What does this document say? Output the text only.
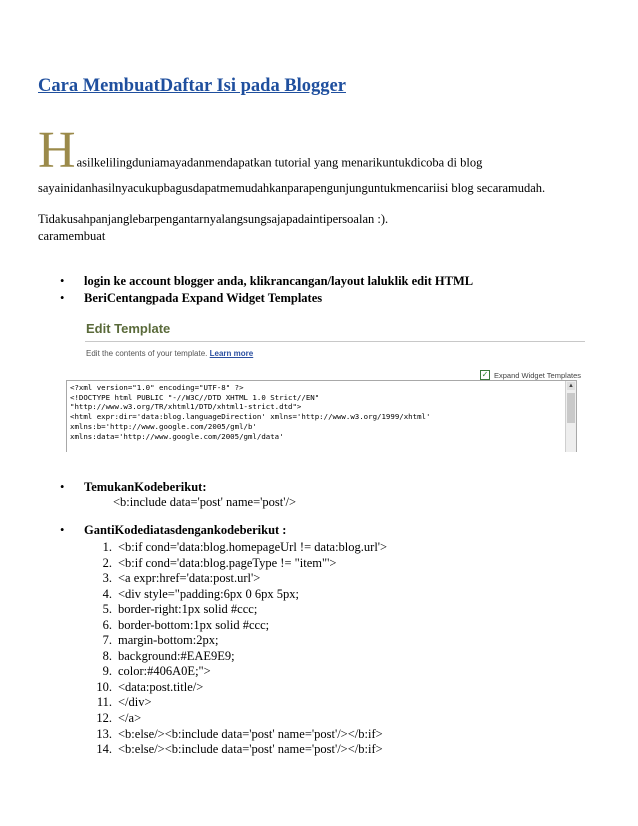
Cara MembuatDaftar Isi pada Blogger
Hasilkelilingduniamayadanmendapatkan tutorial yang menarikuntukdicoba di blog
sayainidanhasilnyacukupbagusdapatmemudahkanparapengunjunguntukmencariisi blog secaramudah.
Tidakusahpanjanglebarpengantarnyalangsungsajapadaintipersoalan :).
caramembuat
• login ke account blogger anda, klikrancangan/layout laluklik edit HTML
• BeriCentangpada Expand Widget Templates
Edit Template
Edit the contents of your template. Learn more
✓ Expand Widget Templates
<?xml version="1.0" encoding="UTF-8" ?>
<!DOCTYPE html PUBLIC "-//W3C//DTD XHTML 1.0 Strict//EN"
"http://www.w3.org/TR/xhtml1/DTD/xhtml1-strict.dtd">
<html expr:dir='data:blog.languageDirection' xmlns='http://www.w3.org/1999/xhtml'
xmlns:b='http://www.google.com/2005/gml/b'
xmlns:data='http://www.google.com/2005/gml/data'
▲
• TemukanKodeberikut:
<b:include data='post' name='post'/>
• GantiKodediatasdengankodeberikut :
1. <b:if cond='data:blog.homepageUrl != data:blog.url'>
2. <b:if cond='data:blog.pageType != "item"'>
3. <a expr:href='data:post.url'>
4. <div style="padding:6px 0 6px 5px;
5. border-right:1px solid #ccc;
6. border-bottom:1px solid #ccc;
7. margin-bottom:2px;
8. background:#EAE9E9;
9. color:#406A0E;">
10. <data:post.title/>
11. </div>
12. </a>
13. <b:else/><b:include data='post' name='post'/></b:if>
14. <b:else/><b:include data='post' name='post'/></b:if>
